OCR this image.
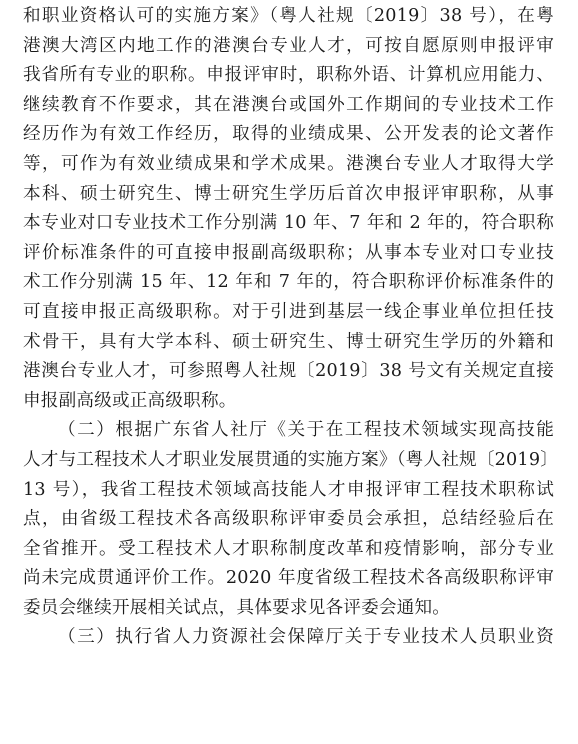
和职业资格认可的实施方案》（粤人社规〔2019〕38 号），在粤
港澳大湾区内地工作的港澳台专业人才，可按自愿原则申报评审
我省所有专业的职称。申报评审时，职称外语、计算机应用能力、
继续教育不作要求，其在港澳台或国外工作期间的专业技术工作
经历作为有效工作经历，取得的业绩成果、公开发表的论文著作
等，可作为有效业绩成果和学术成果。港澳台专业人才取得大学
本科、硕士研究生、博士研究生学历后首次申报评审职称，从事
本专业对口专业技术工作分别满 10 年、7 年和 2 年的，符合职称
评价标准条件的可直接申报副高级职称；从事本专业对口专业技
术工作分别满 15 年、12 年和 7 年的，符合职称评价标准条件的
可直接申报正高级职称。对于引进到基层一线企事业单位担任技
术骨干，具有大学本科、硕士研究生、博士研究生学历的外籍和
港澳台专业人才，可参照粤人社规〔2019〕38 号文有关规定直接
申报副高级或正高级职称。
（二）根据广东省人社厅《关于在工程技术领域实现高技能
人才与工程技术人才职业发展贯通的实施方案》（粤人社规〔2019〕
13 号），我省工程技术领域高技能人才申报评审工程技术职称试
点，由省级工程技术各高级职称评审委员会承担，总结经验后在
全省推开。受工程技术人才职称制度改革和疫情影响，部分专业
尚未完成贯通评价工作。2020 年度省级工程技术各高级职称评审
委员会继续开展相关试点，具体要求见各评委会通知。
（三）执行省人力资源社会保障厅关于专业技术人员职业资
